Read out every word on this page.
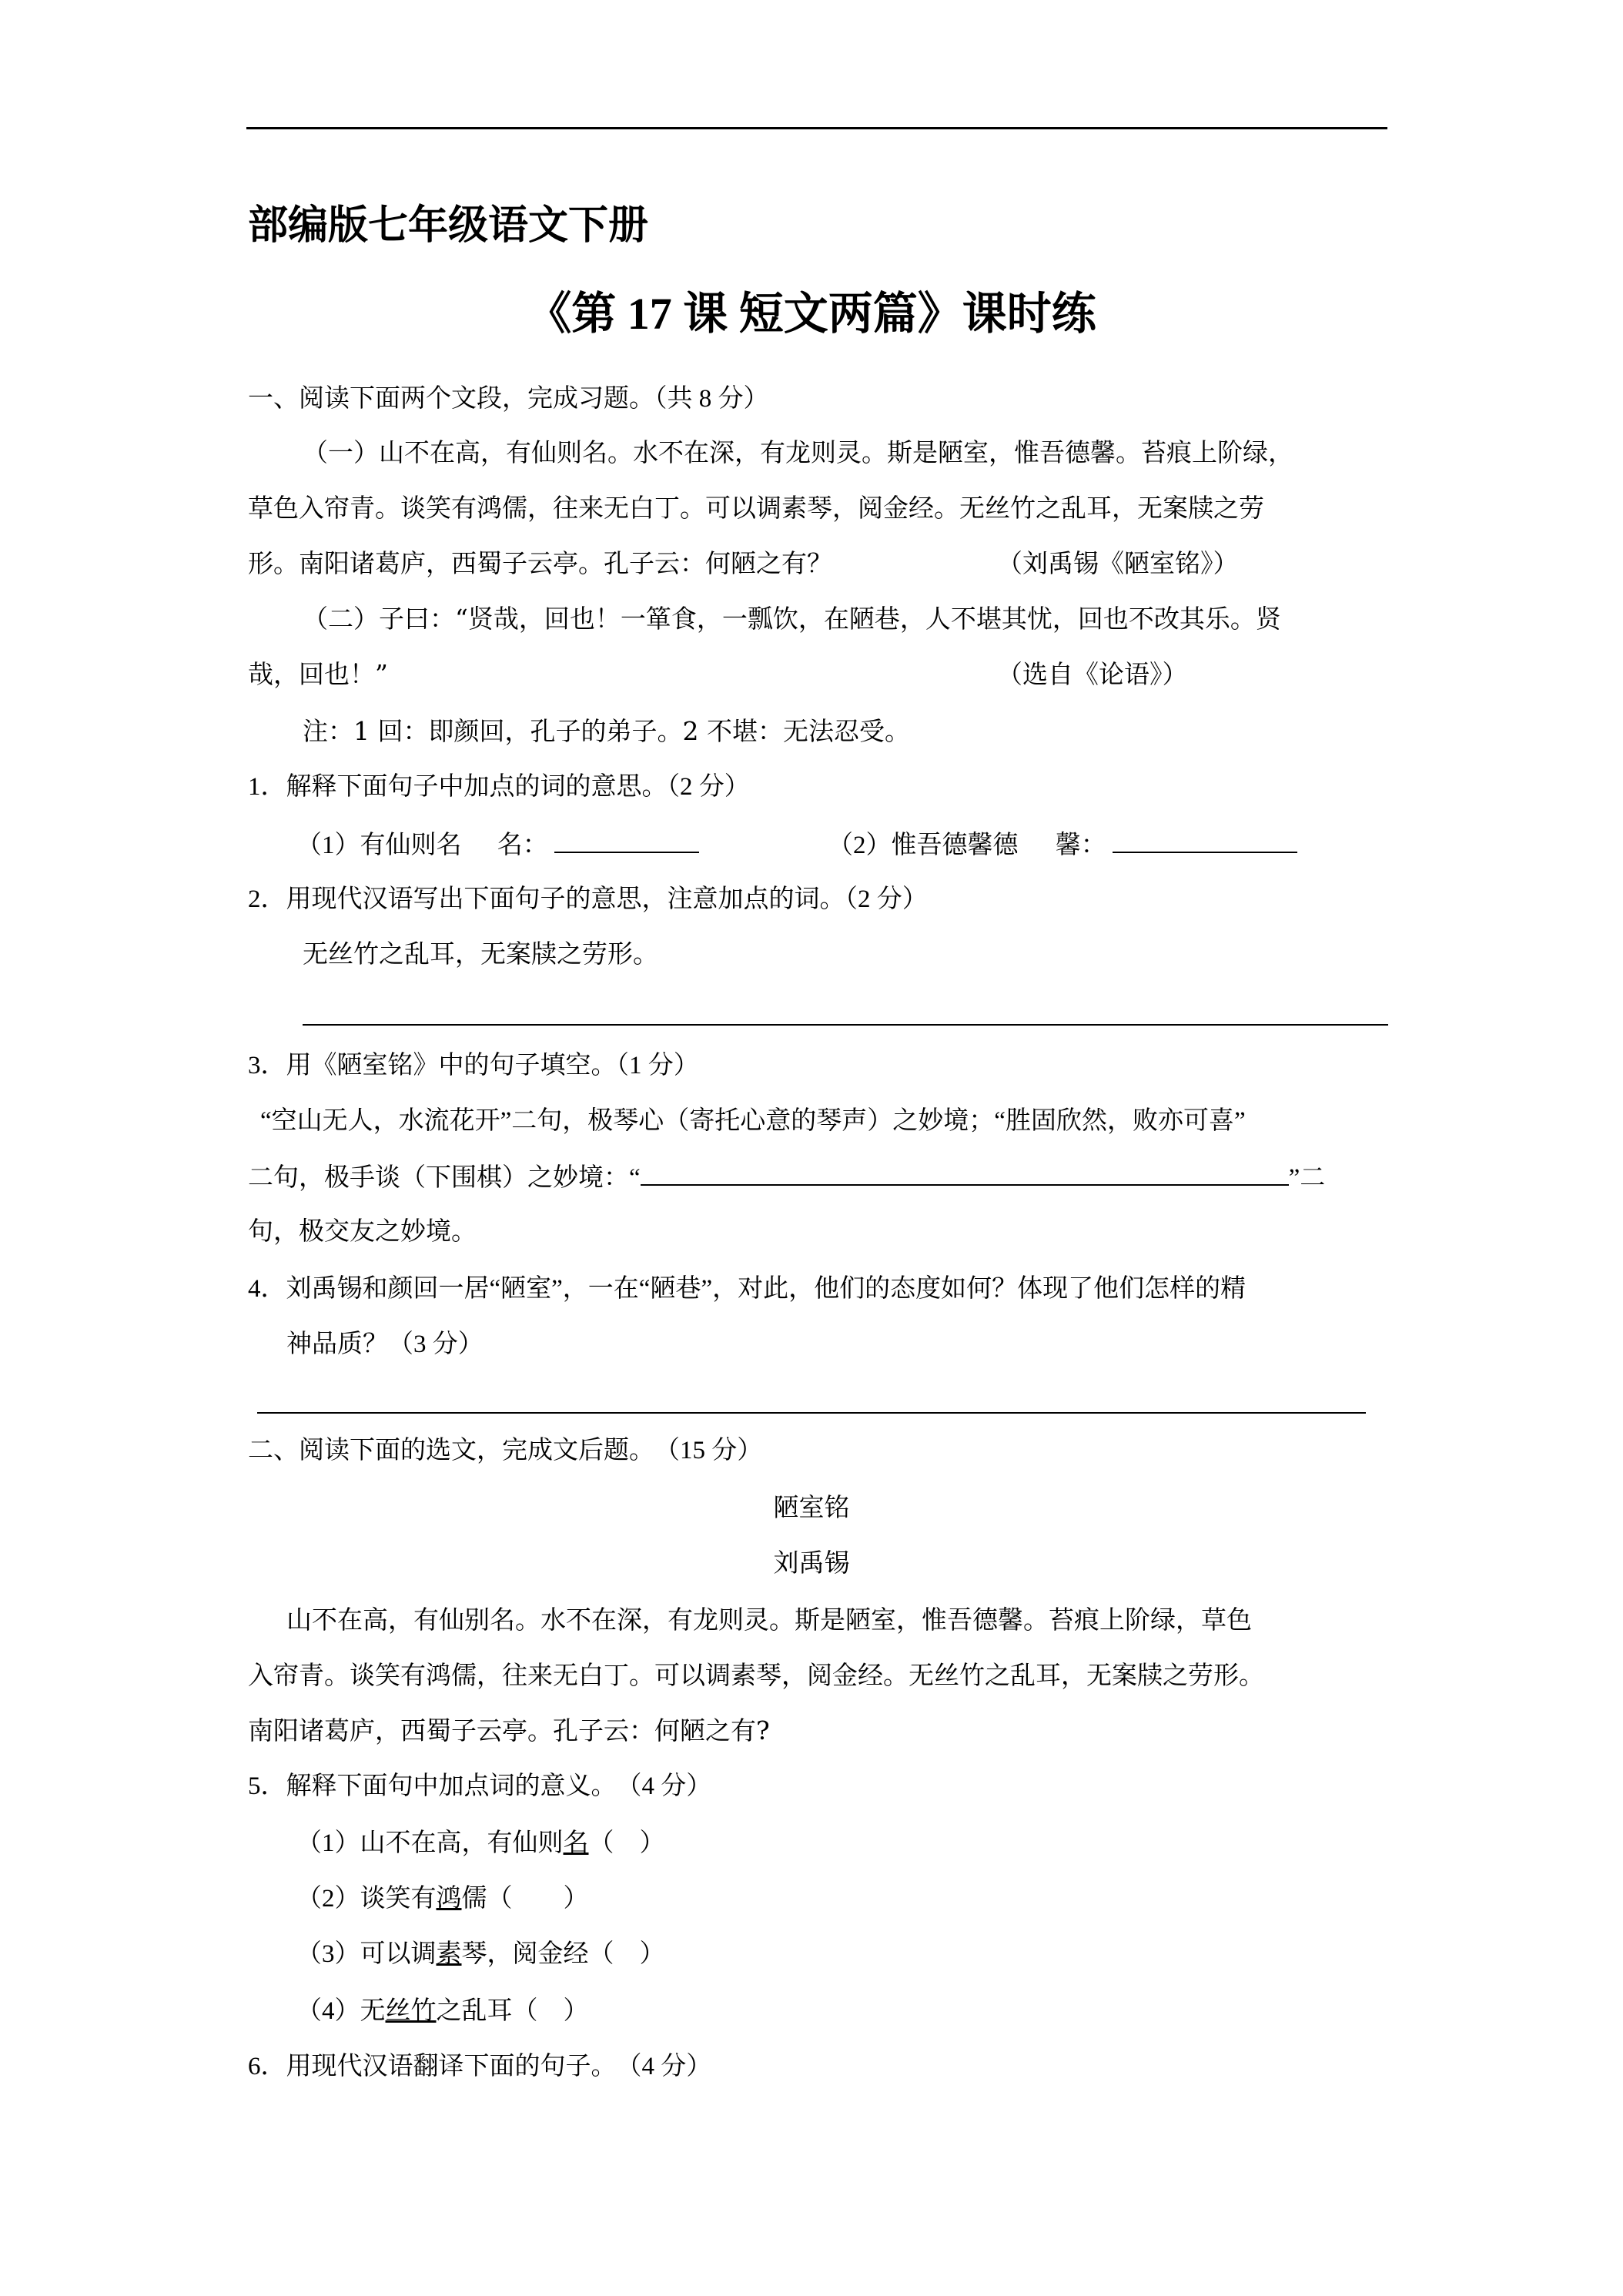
部编版七年级语文下册
《第 17 课 短文两篇》课时练
一、阅读下面两个文段，完成习题。（共 8 分）
（一）山不在高，有仙则名。水不在深，有龙则灵。斯是陋室，惟吾德馨。苔痕上阶绿，
草色入帘青。谈笑有鸿儒，往来无白丁。可以调素琴，阅金经。无丝竹之乱耳，无案牍之劳
形。南阳诸葛庐，西蜀子云亭。孔子云：何陋之有？	（刘禹锡《陋室铭》）
（二）子曰：“贤哉，回也！一箪食，一瓢饮，在陋巷，人不堪其忧，回也不改其乐。贤
哉，回也！”	（选自《论语》）
注：1 回：即颜回，孔子的弟子。2 不堪：无法忍受。
1．解释下面句子中加点的词的意思。（2 分）
（1）有仙则名 名：	（2）惟吾德馨德 馨：
2．用现代汉语写出下面句子的意思，注意加点的词。（2 分）
无丝竹之乱耳，无案牍之劳形。
3．用《陋室铭》中的句子填空。（1 分）
“空山无人，水流花开”二句，极琴心（寄托心意的琴声）之妙境；“胜固欣然，败亦可喜”
二句，极手谈（下围棋）之妙境：“	”二
句，极交友之妙境。
4．刘禹锡和颜回一居“陋室”，一在“陋巷”，对此，他们的态度如何？体现了他们怎样的精
神品质？（3 分）
二、阅读下面的选文，完成文后题。　（15 分）
陋室铭
刘禹锡
山不在高，有仙别名。水不在深，有龙则灵。斯是陋室，惟吾德馨。苔痕上阶绿，草色
入帘青。谈笑有鸿儒，往来无白丁。可以调素琴，阅金经。无丝竹之乱耳，无案牍之劳形。
南阳诸葛庐，西蜀子云亭。孔子云：何陋之有?
5．解释下面句中加点词的意义。　（4 分）
（1）山不在高，有仙则名（　）
（2）谈笑有鸿儒（　　）
（3）可以调素琴，阅金经（　）
（4）无丝竹之乱耳（　）
6．用现代汉语翻译下面的句子。　（4 分）
